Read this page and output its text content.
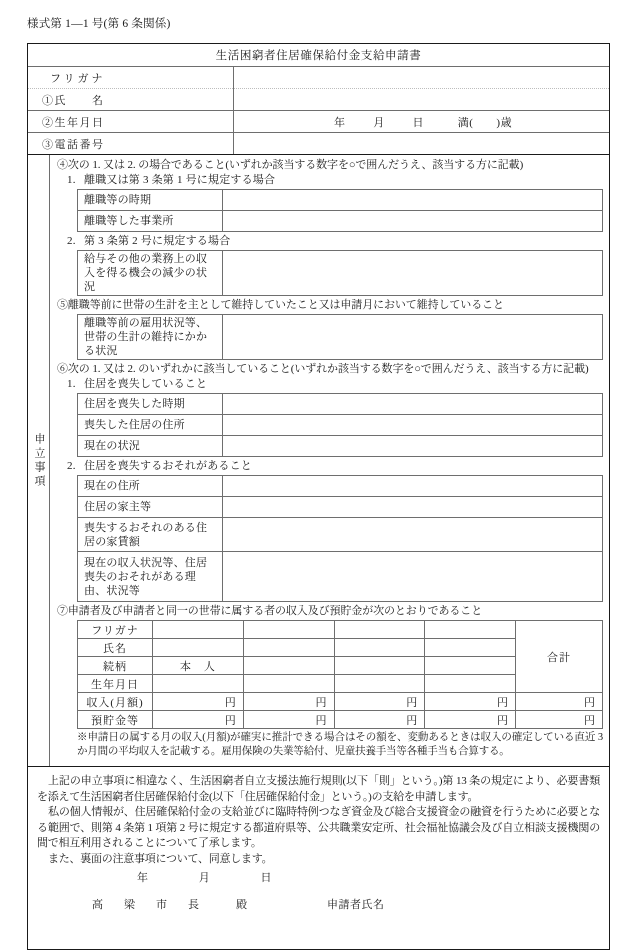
様式第 1―1 号(第 6 条関係)
生活困窮者住居確保給付金支給申請書
フリガナ	
①氏　　名	
②生年月日	年 月 日 満(　　)歳
③電話番号	
申立事項
④次の 1. 又は 2. の場合であること(いずれか該当する数字を○で囲んだうえ、該当する方に記載)
1. 離職又は第 3 条第 1 号に規定する場合
離職等の時期	
離職等した事業所	
2. 第 3 条第 2 号に規定する場合
給与その他の業務上の収入を得る機会の減少の状況	
⑤離職等前に世帯の生計を主として維持していたこと又は申請月において維持していること
離職等前の雇用状況等、世帯の生計の維持にかかる状況	
⑥次の 1. 又は 2. のいずれかに該当していること(いずれか該当する数字を○で囲んだうえ、該当する方に記載)
1. 住居を喪失していること
住居を喪失した時期	
喪失した住居の住所	
現在の状況	
2. 住居を喪失するおそれがあること
現在の住所	
住居の家主等	
喪失するおそれのある住居の家賃額	
現在の収入状況等、住居喪失のおそれがある理由、状況等	
⑦申請者及び申請者と同一の世帯に属する者の収入及び預貯金が次のとおりであること
フリガナ					合計
氏名					
続柄	本　人				
生年月日					
収入(月額)	円	円	円	円	円
預貯金等	円	円	円	円	円
※申請日の属する月の収入(月額)が確実に推計できる場合はその額を、変動あるときは収入の確定している直近 3 か月間の平均収入を記載する。雇用保険の失業等給付、児童扶養手当等各種手当も合算する。

上記の申立事項に相違なく、生活困窮者自立支援法施行規則(以下「則」という。)第 13 条の規定により、必要書類を添えて生活困窮者住居確保給付金(以下「住居確保給付金」という。)の支給を申請します。

私の個人情報が、住居確保給付金の支給並びに臨時特例つなぎ資金及び総合支援資金の融資を行うために必要となる範囲で、則第 4 条第 1 項第 2 号に規定する都道府県等、公共職業安定所、社会福祉協議会及び自立相談支援機関の間で相互利用されることについて了承します。

また、裏面の注意事項について、同意します。

年	月	日
高　梁　市　長　　殿	申請者氏名
